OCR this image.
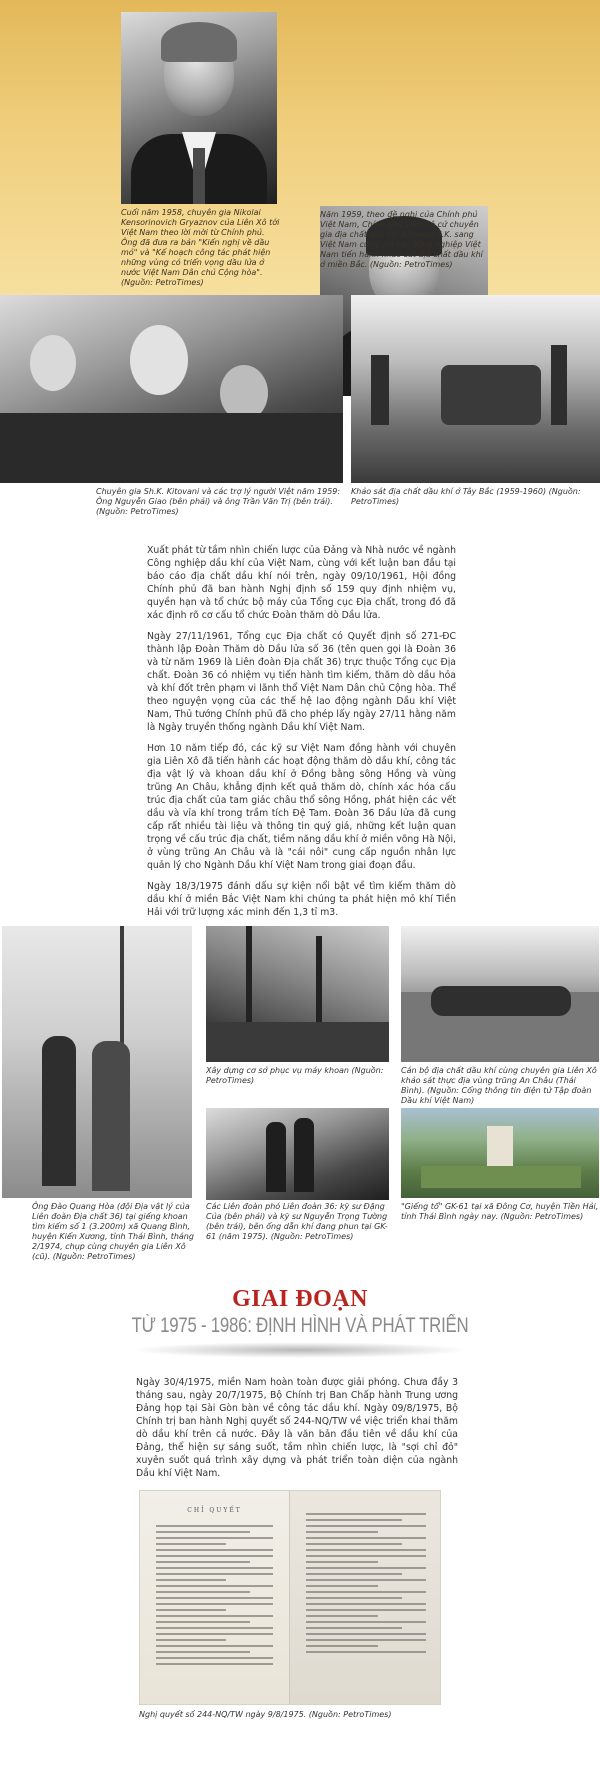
Cuối năm 1958, chuyên gia Nikolai Kensorinovich Gryaznov của Liên Xô tới Việt Nam theo lời mời từ Chính phủ. Ông đã đưa ra bản "Kiến nghị về dầu mỏ" và "Kế hoạch công tác phát hiện những vùng có triển vọng dầu lửa ở nước Việt Nam Dân chủ Cộng hòa". (Nguồn: PetroTimes)
Năm 1959, theo đề nghị của Chính phủ Việt Nam, Chính phủ Liên Xô cử chuyên gia địa chất dầu khí Kitovani S.K. sang Việt Nam cùng với các đồng nghiệp Việt Nam tiến hành khảo sát địa chất dầu khí ở miền Bắc. (Nguồn: PetroTimes)
Chuyên gia Sh.K. Kitovani và các trợ lý người Việt năm 1959: Ông Nguyễn Giao (bên phải) và ông Trần Văn Trị (bên trái). (Nguồn: PetroTimes)
Khảo sát địa chất dầu khí ở Tây Bắc (1959-1960) (Nguồn: PetroTimes)

Xuất phát từ tầm nhìn chiến lược của Đảng và Nhà nước về ngành Công nghiệp dầu khí của Việt Nam, cùng với kết luận ban đầu tại báo cáo địa chất dầu khí nói trên, ngày 09/10/1961, Hội đồng Chính phủ đã ban hành Nghị định số 159 quy định nhiệm vụ, quyền hạn và tổ chức bộ máy của Tổng cục Địa chất, trong đó đã xác định rõ cơ cấu tổ chức Đoàn thăm dò Dầu lửa.

Ngày 27/11/1961, Tổng cục Địa chất có Quyết định số 271-ĐC thành lập Đoàn Thăm dò Dầu lửa số 36 (tên quen gọi là Đoàn 36 và từ năm 1969 là Liên đoàn Địa chất 36) trực thuộc Tổng cục Địa chất. Đoàn 36 có nhiệm vụ tiến hành tìm kiếm, thăm dò dầu hỏa và khí đốt trên phạm vi lãnh thổ Việt Nam Dân chủ Cộng hòa. Thể theo nguyện vọng của các thế hệ lao động ngành Dầu khí Việt Nam, Thủ tướng Chính phủ đã cho phép lấy ngày 27/11 hằng năm là Ngày truyền thống ngành Dầu khí Việt Nam.

Hơn 10 năm tiếp đó, các kỹ sư Việt Nam đồng hành với chuyên gia Liên Xô đã tiến hành các hoạt động thăm dò dầu khí, công tác địa vật lý và khoan dầu khí ở Đồng bằng sông Hồng và vùng trũng An Châu, khẳng định kết quả thăm dò, chính xác hóa cấu trúc địa chất của tam giác châu thổ sông Hồng, phát hiện các vết dầu và vỉa khí trong trầm tích Đệ Tam. Đoàn 36 Dầu lửa đã cung cấp rất nhiều tài liệu và thông tin quý giá, những kết luận quan trọng về cấu trúc địa chất, tiềm năng dầu khí ở miền võng Hà Nội, ở vùng trũng An Châu và là "cái nôi" cung cấp nguồn nhân lực quản lý cho Ngành Dầu khí Việt Nam trong giai đoạn đầu.

Ngày 18/3/1975 đánh dấu sự kiện nổi bật về tìm kiếm thăm dò dầu khí ở miền Bắc Việt Nam khi chúng ta phát hiện mỏ khí Tiền Hải với trữ lượng xác minh đến 1,3 tỉ m3.

Ông Đào Quang Hòa (đội Địa vật lý của Liên đoàn Địa chất 36) tại giếng khoan tìm kiếm số 1 (3.200m) xã Quang Bình, huyện Kiến Xương, tỉnh Thái Bình, tháng 2/1974, chụp cùng chuyên gia Liên Xô (cũ). (Nguồn: PetroTimes)
Xây dựng cơ sở phục vụ máy khoan (Nguồn: PetroTimes)
Cán bộ địa chất dầu khí cùng chuyên gia Liên Xô khảo sát thực địa vùng trũng An Châu (Thái Bình). (Nguồn: Cổng thông tin điện tử Tập đoàn Dầu khí Việt Nam)
Các Liên đoàn phó Liên đoàn 36: kỹ sư Đặng Của (bên phải) và kỹ sư Nguyễn Trọng Tường (bên trái), bên ống dẫn khí đang phun tại GK-61 (năm 1975). (Nguồn: PetroTimes)
"Giếng tổ" GK-61 tại xã Đông Cơ, huyện Tiền Hải, tỉnh Thái Bình ngày nay. (Nguồn: PetroTimes)
GIAI ĐOẠN
TỪ 1975 - 1986: ĐỊNH HÌNH VÀ PHÁT TRIỂN

Ngày 30/4/1975, miền Nam hoàn toàn được giải phóng. Chưa đầy 3 tháng sau, ngày 20/7/1975, Bộ Chính trị Ban Chấp hành Trung ương Đảng họp tại Sài Gòn bàn về công tác dầu khí. Ngày 09/8/1975, Bộ Chính trị ban hành Nghị quyết số 244-NQ/TW về việc triển khai thăm dò dầu khí trên cả nước. Đây là văn bản đầu tiên về dầu khí của Đảng, thể hiện sự sáng suốt, tầm nhìn chiến lược, là "sợi chỉ đỏ" xuyên suốt quá trình xây dựng và phát triển toàn diện của ngành Dầu khí Việt Nam.

CHỈ QUYẾT
Nghị quyết số 244-NQ/TW ngày 9/8/1975. (Nguồn: PetroTimes)
